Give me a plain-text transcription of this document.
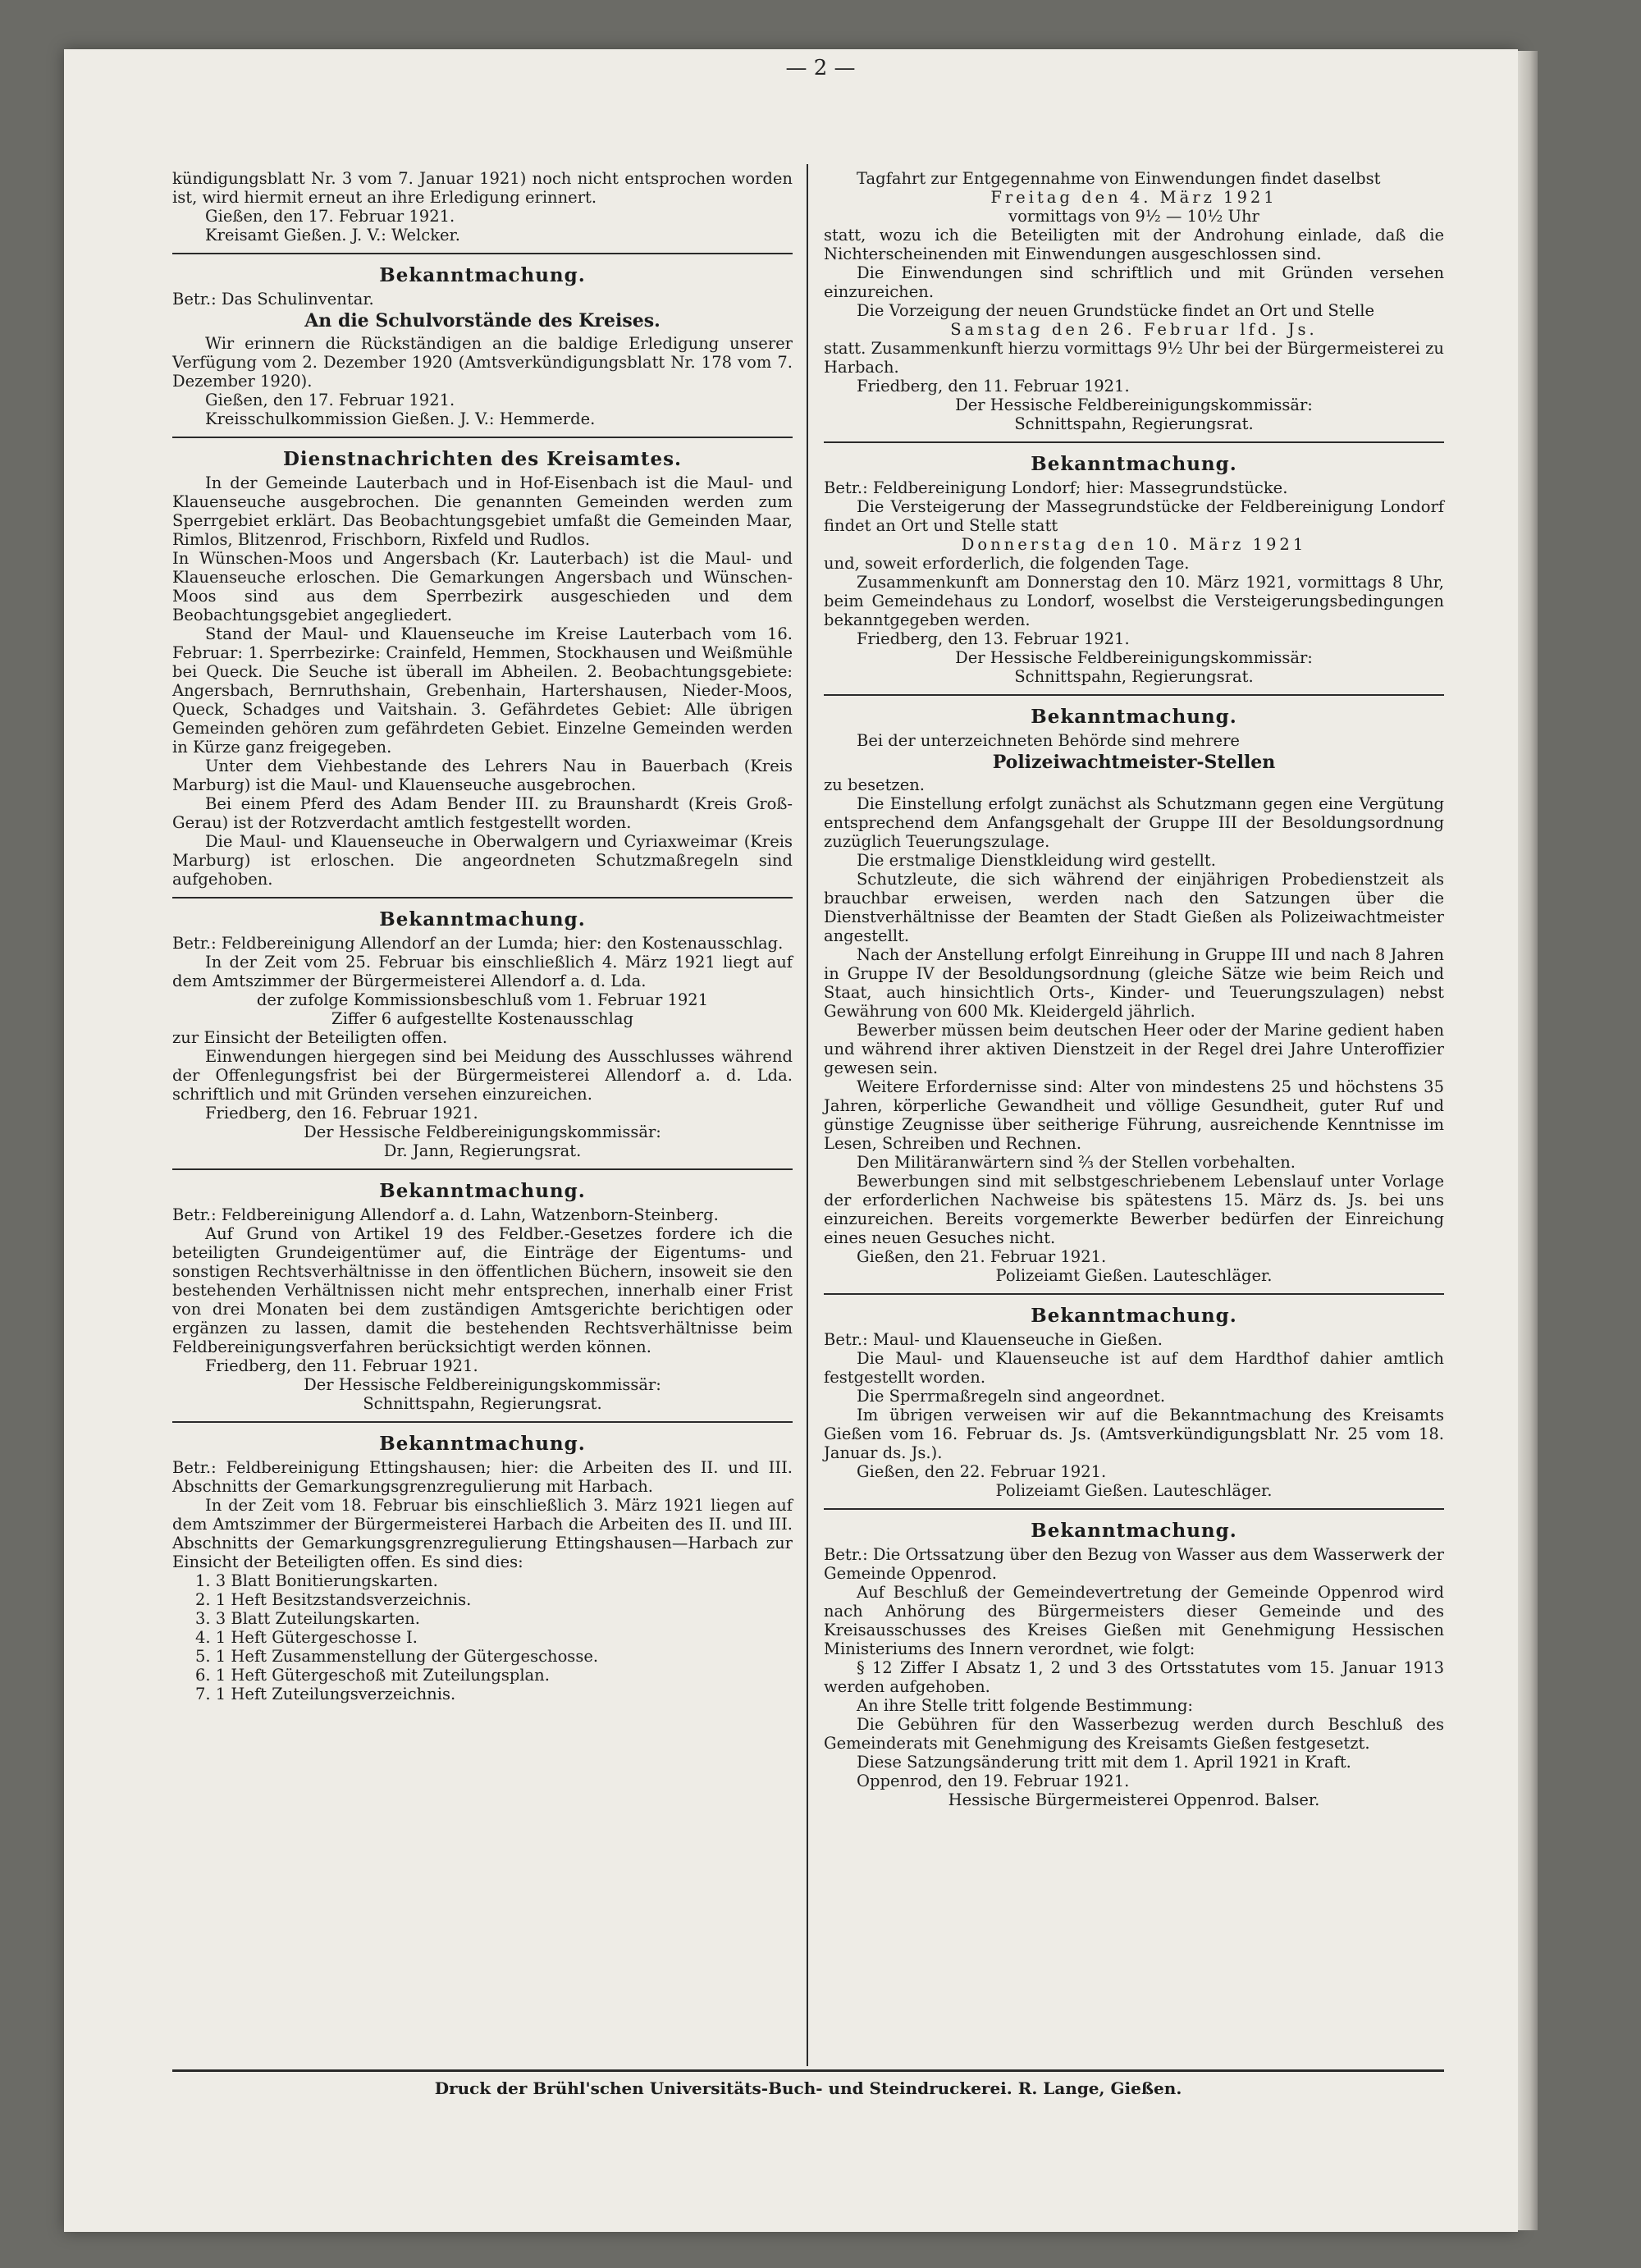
— 2 —

kündigungsblatt Nr. 3 vom 7. Januar 1921) noch nicht entsprochen worden ist, wird hiermit erneut an ihre Erledigung erinnert.

Gießen, den 17. Februar 1921.

Kreisamt Gießen. J. V.: Welcker.

Bekanntmachung.

Betr.: Das Schulinventar.

An die Schulvorstände des Kreises.

Wir erinnern die Rückständigen an die baldige Erledigung unserer Verfügung vom 2. Dezember 1920 (Amtsverkündigungsblatt Nr. 178 vom 7. Dezember 1920).

Gießen, den 17. Februar 1921.

Kreisschulkommission Gießen. J. V.: Hemmerde.

Dienstnachrichten des Kreisamtes.

In der Gemeinde Lauterbach und in Hof-Eisenbach ist die Maul- und Klauenseuche ausgebrochen. Die genannten Gemeinden werden zum Sperrgebiet erklärt. Das Beobachtungsgebiet umfaßt die Gemeinden Maar, Rimlos, Blitzenrod, Frischborn, Rixfeld und Rudlos.

In Wünschen-Moos und Angersbach (Kr. Lauterbach) ist die Maul- und Klauenseuche erloschen. Die Gemarkungen Angersbach und Wünschen-Moos sind aus dem Sperrbezirk ausgeschieden und dem Beobachtungsgebiet angegliedert.

Stand der Maul- und Klauenseuche im Kreise Lauterbach vom 16. Februar: 1. Sperrbezirke: Crainfeld, Hemmen, Stockhausen und Weißmühle bei Queck. Die Seuche ist überall im Abheilen. 2. Beobachtungsgebiete: Angersbach, Bernruthshain, Grebenhain, Hartershausen, Nieder-Moos, Queck, Schadges und Vaitshain. 3. Gefährdetes Gebiet: Alle übrigen Gemeinden gehören zum gefährdeten Gebiet. Einzelne Gemeinden werden in Kürze ganz freigegeben.

Unter dem Viehbestande des Lehrers Nau in Bauerbach (Kreis Marburg) ist die Maul- und Klauenseuche ausgebrochen.

Bei einem Pferd des Adam Bender III. zu Braunshardt (Kreis Groß-Gerau) ist der Rotzverdacht amtlich festgestellt worden.

Die Maul- und Klauenseuche in Oberwalgern und Cyriaxweimar (Kreis Marburg) ist erloschen. Die angeordneten Schutzmaßregeln sind aufgehoben.

Bekanntmachung.

Betr.: Feldbereinigung Allendorf an der Lumda; hier: den Kostenausschlag.

In der Zeit vom 25. Februar bis einschließlich 4. März 1921 liegt auf dem Amtszimmer der Bürgermeisterei Allendorf a. d. Lda.

der zufolge Kommissionsbeschluß vom 1. Februar 1921

Ziffer 6 aufgestellte Kostenausschlag

zur Einsicht der Beteiligten offen.

Einwendungen hiergegen sind bei Meidung des Ausschlusses während der Offenlegungsfrist bei der Bürgermeisterei Allendorf a. d. Lda. schriftlich und mit Gründen versehen einzureichen.

Friedberg, den 16. Februar 1921.

Der Hessische Feldbereinigungskommissär:

Dr. Jann, Regierungsrat.

Bekanntmachung.

Betr.: Feldbereinigung Allendorf a. d. Lahn, Watzenborn-Steinberg.

Auf Grund von Artikel 19 des Feldber.-Gesetzes fordere ich die beteiligten Grundeigentümer auf, die Einträge der Eigentums- und sonstigen Rechtsverhältnisse in den öffentlichen Büchern, insoweit sie den bestehenden Verhältnissen nicht mehr entsprechen, innerhalb einer Frist von drei Monaten bei dem zuständigen Amtsgerichte berichtigen oder ergänzen zu lassen, damit die bestehenden Rechtsverhältnisse beim Feldbereinigungsverfahren berücksichtigt werden können.

Friedberg, den 11. Februar 1921.

Der Hessische Feldbereinigungskommissär:

Schnittspahn, Regierungsrat.

Bekanntmachung.

Betr.: Feldbereinigung Ettingshausen; hier: die Arbeiten des II. und III. Abschnitts der Gemarkungsgrenzregulierung mit Harbach.

In der Zeit vom 18. Februar bis einschließlich 3. März 1921 liegen auf dem Amtszimmer der Bürgermeisterei Harbach die Arbeiten des II. und III. Abschnitts der Gemarkungsgrenzregulierung Ettingshausen—Harbach zur Einsicht der Beteiligten offen. Es sind dies:

1. 3 Blatt Bonitierungskarten.
2. 1 Heft Besitzstandsverzeichnis.
3. 3 Blatt Zuteilungskarten.
4. 1 Heft Gütergeschosse I.
5. 1 Heft Zusammenstellung der Gütergeschosse.
6. 1 Heft Gütergeschoß mit Zuteilungsplan.
7. 1 Heft Zuteilungsverzeichnis.

Tagfahrt zur Entgegennahme von Einwendungen findet daselbst

Freitag den 4. März 1921

vormittags von 9½ — 10½ Uhr

statt, wozu ich die Beteiligten mit der Androhung einlade, daß die Nichterscheinenden mit Einwendungen ausgeschlossen sind.

Die Einwendungen sind schriftlich und mit Gründen versehen einzureichen.

Die Vorzeigung der neuen Grundstücke findet an Ort und Stelle

Samstag den 26. Februar lfd. Js.

statt. Zusammenkunft hierzu vormittags 9½ Uhr bei der Bürgermeisterei zu Harbach.

Friedberg, den 11. Februar 1921.

Der Hessische Feldbereinigungskommissär:

Schnittspahn, Regierungsrat.

Bekanntmachung.

Betr.: Feldbereinigung Londorf; hier: Massegrundstücke.

Die Versteigerung der Massegrundstücke der Feldbereinigung Londorf findet an Ort und Stelle statt

Donnerstag den 10. März 1921

und, soweit erforderlich, die folgenden Tage.

Zusammenkunft am Donnerstag den 10. März 1921, vormittags 8 Uhr, beim Gemeindehaus zu Londorf, woselbst die Versteigerungsbedingungen bekanntgegeben werden.

Friedberg, den 13. Februar 1921.

Der Hessische Feldbereinigungskommissär:

Schnittspahn, Regierungsrat.

Bekanntmachung.

Bei der unterzeichneten Behörde sind mehrere

Polizeiwachtmeister-Stellen

zu besetzen.

Die Einstellung erfolgt zunächst als Schutzmann gegen eine Vergütung entsprechend dem Anfangsgehalt der Gruppe III der Besoldungsordnung zuzüglich Teuerungszulage.

Die erstmalige Dienstkleidung wird gestellt.

Schutzleute, die sich während der einjährigen Probedienstzeit als brauchbar erweisen, werden nach den Satzungen über die Dienstverhältnisse der Beamten der Stadt Gießen als Polizeiwachtmeister angestellt.

Nach der Anstellung erfolgt Einreihung in Gruppe III und nach 8 Jahren in Gruppe IV der Besoldungsordnung (gleiche Sätze wie beim Reich und Staat, auch hinsichtlich Orts-, Kinder- und Teuerungszulagen) nebst Gewährung von 600 Mk. Kleidergeld jährlich.

Bewerber müssen beim deutschen Heer oder der Marine gedient haben und während ihrer aktiven Dienstzeit in der Regel drei Jahre Unteroffizier gewesen sein.

Weitere Erfordernisse sind: Alter von mindestens 25 und höchstens 35 Jahren, körperliche Gewandheit und völlige Gesundheit, guter Ruf und günstige Zeugnisse über seitherige Führung, ausreichende Kenntnisse im Lesen, Schreiben und Rechnen.

Den Militäranwärtern sind ⅔ der Stellen vorbehalten.

Bewerbungen sind mit selbstgeschriebenem Lebenslauf unter Vorlage der erforderlichen Nachweise bis spätestens 15. März ds. Js. bei uns einzureichen. Bereits vorgemerkte Bewerber bedürfen der Einreichung eines neuen Gesuches nicht.

Gießen, den 21. Februar 1921.

Polizeiamt Gießen. Lauteschläger.

Bekanntmachung.

Betr.: Maul- und Klauenseuche in Gießen.

Die Maul- und Klauenseuche ist auf dem Hardthof dahier amtlich festgestellt worden.

Die Sperrmaßregeln sind angeordnet.

Im übrigen verweisen wir auf die Bekanntmachung des Kreisamts Gießen vom 16. Februar ds. Js. (Amtsverkündigungsblatt Nr. 25 vom 18. Januar ds. Js.).

Gießen, den 22. Februar 1921.

Polizeiamt Gießen. Lauteschläger.

Bekanntmachung.

Betr.: Die Ortssatzung über den Bezug von Wasser aus dem Wasserwerk der Gemeinde Oppenrod.

Auf Beschluß der Gemeindevertretung der Gemeinde Oppenrod wird nach Anhörung des Bürgermeisters dieser Gemeinde und des Kreisausschusses des Kreises Gießen mit Genehmigung Hessischen Ministeriums des Innern verordnet, wie folgt:

§ 12 Ziffer I Absatz 1, 2 und 3 des Ortsstatutes vom 15. Januar 1913 werden aufgehoben.

An ihre Stelle tritt folgende Bestimmung:

Die Gebühren für den Wasserbezug werden durch Beschluß des Gemeinderats mit Genehmigung des Kreisamts Gießen festgesetzt.

Diese Satzungsänderung tritt mit dem 1. April 1921 in Kraft.

Oppenrod, den 19. Februar 1921.

Hessische Bürgermeisterei Oppenrod. Balser.

Druck der Brühl'schen Universitäts-Buch- und Steindruckerei. R. Lange, Gießen.
